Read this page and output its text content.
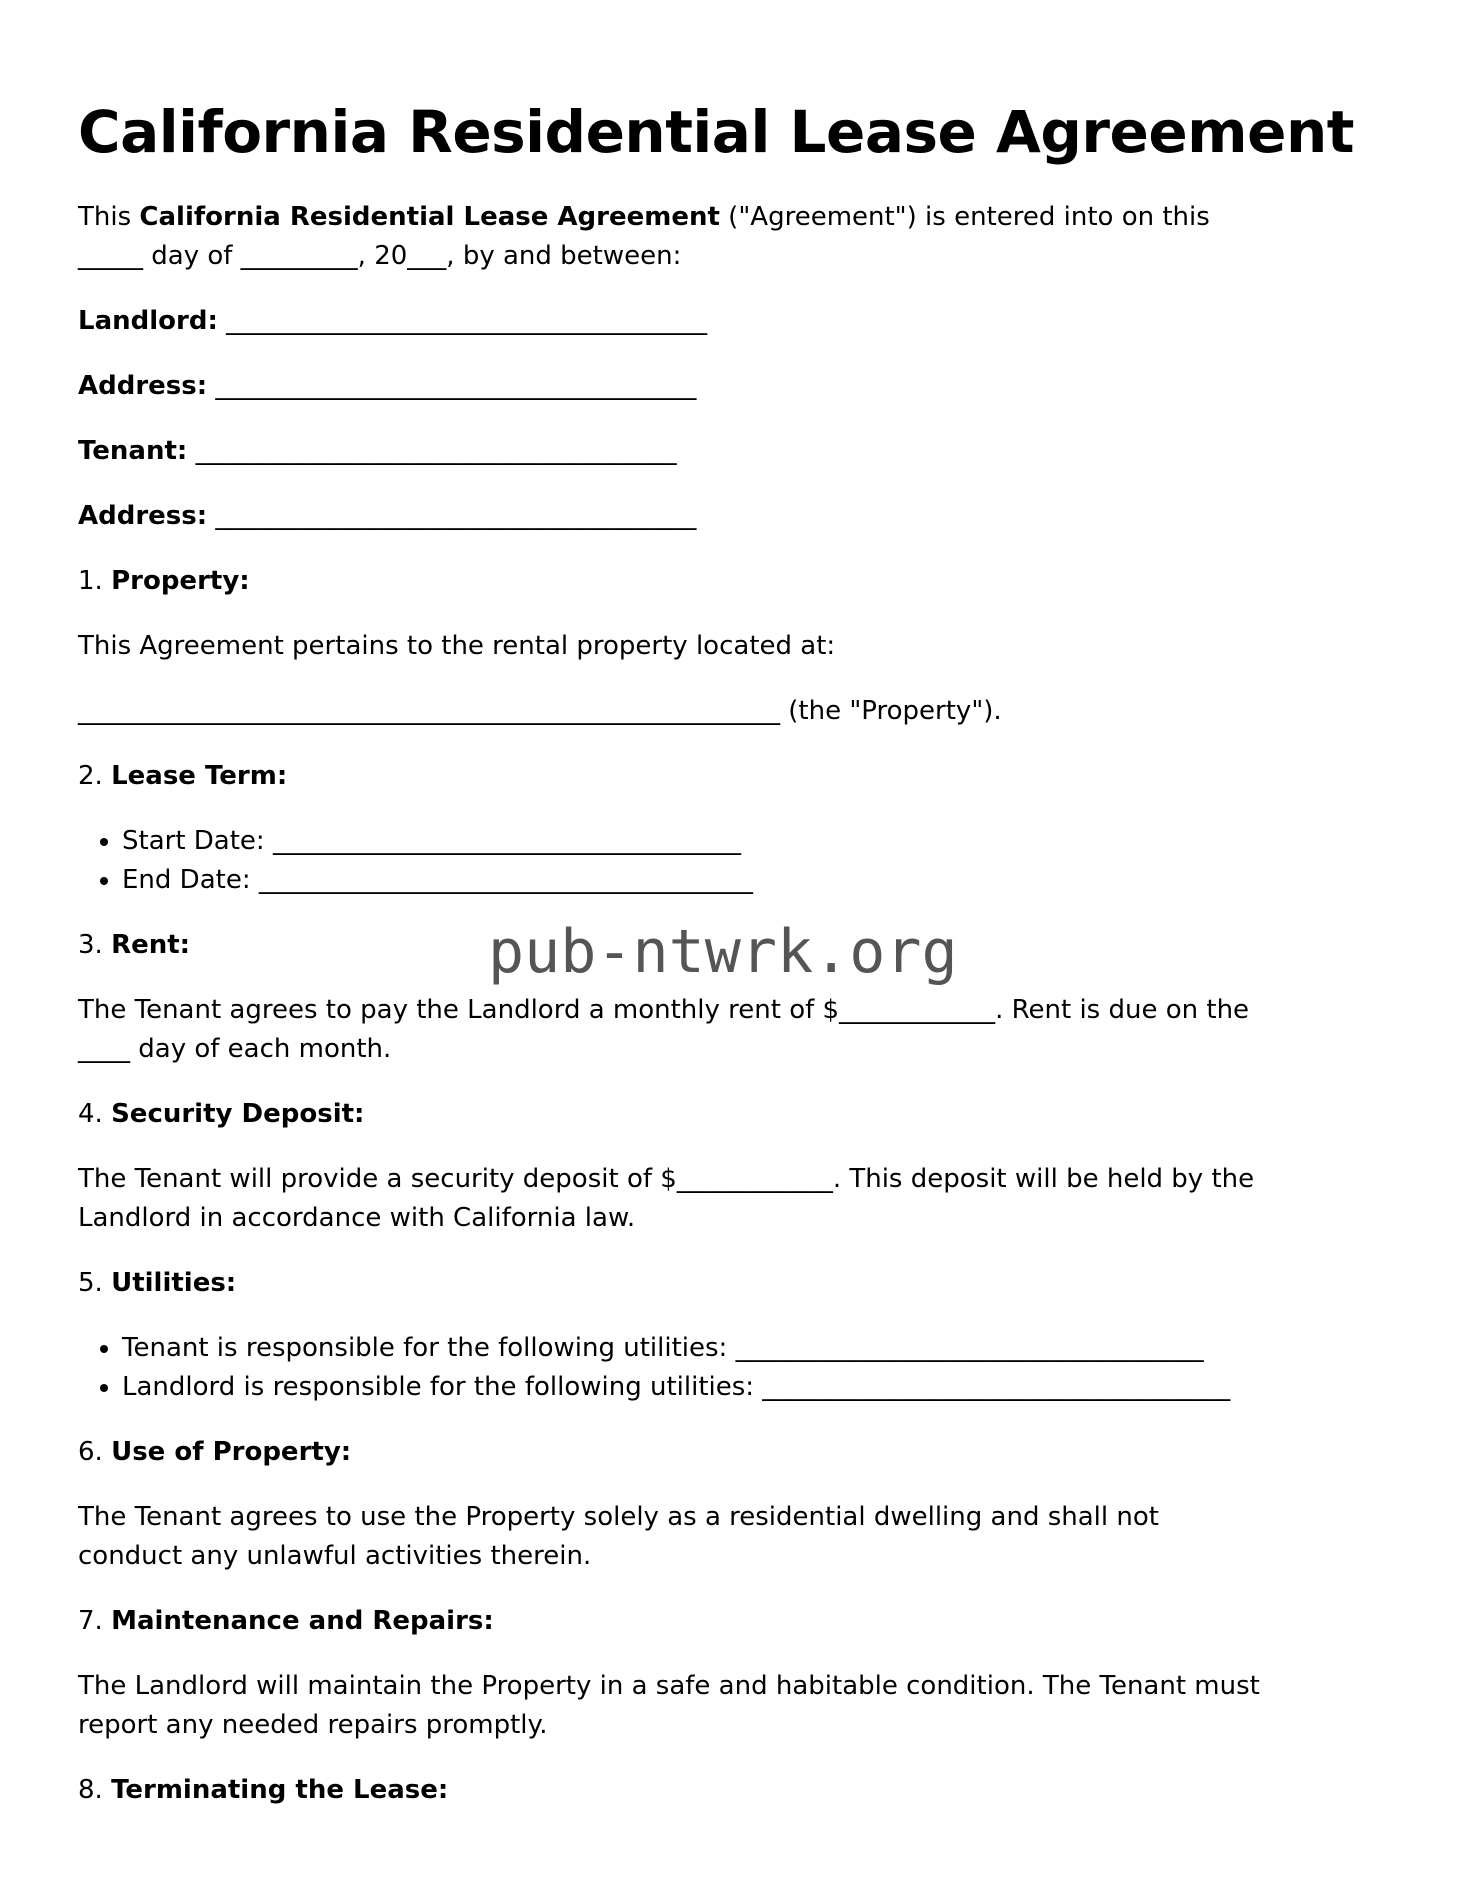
pub-ntwrk.org
California Residential Lease Agreement

This California Residential Lease Agreement ("Agreement") is entered into on this
_____ day of _________, 20___, by and between:

Landlord: _____________________________________

Address: _____________________________________

Tenant: _____________________________________

Address: _____________________________________

1. Property:

This Agreement pertains to the rental property located at:

______________________________________________________ (the "Property").

2. Lease Term:

• Start Date: ____________________________________
• End Date: ______________________________________

3. Rent:

The Tenant agrees to pay the Landlord a monthly rent of $____________. Rent is due on the
____ day of each month.

4. Security Deposit:

The Tenant will provide a security deposit of $____________. This deposit will be held by the
Landlord in accordance with California law.

5. Utilities:

• Tenant is responsible for the following utilities: ____________________________________
• Landlord is responsible for the following utilities: ____________________________________

6. Use of Property:

The Tenant agrees to use the Property solely as a residential dwelling and shall not
conduct any unlawful activities therein.

7. Maintenance and Repairs:

The Landlord will maintain the Property in a safe and habitable condition. The Tenant must
report any needed repairs promptly.

8. Terminating the Lease:
